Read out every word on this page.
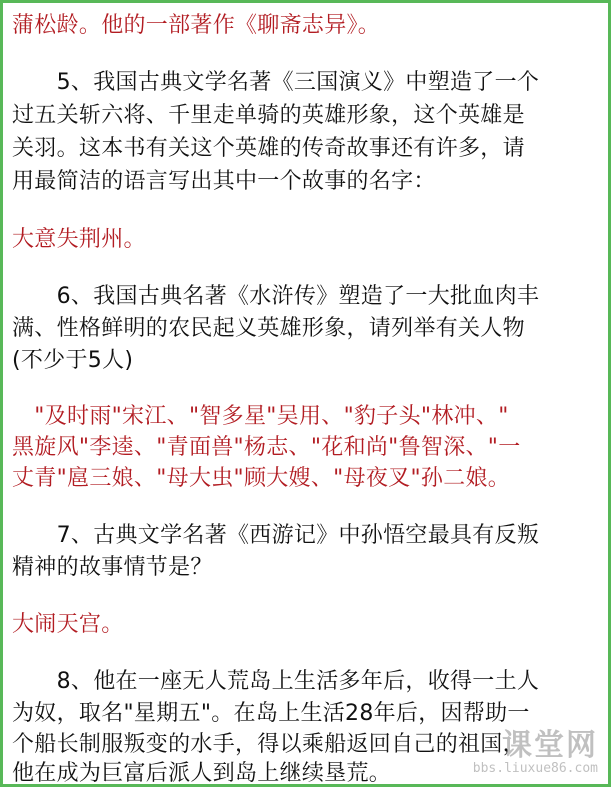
蒲松龄。他的一部著作《聊斋志异》。
　　5、我国古典文学名著《三国演义》中塑造了一个
过五关斩六将、千里走单骑的英雄形象，这个英雄是
关羽。这本书有关这个英雄的传奇故事还有许多，请
用最简洁的语言写出其中一个故事的名字：
大意失荆州。
　　6、我国古典名著《水浒传》塑造了一大批血肉丰
满、性格鲜明的农民起义英雄形象，请列举有关人物
(不少于5人)
　"及时雨"宋江、"智多星"吴用、"豹子头"林冲、"
黑旋风"李逵、"青面兽"杨志、"花和尚"鲁智深、"一
丈青"扈三娘、"母大虫"顾大嫂、"母夜叉"孙二娘。
　　7、古典文学名著《西游记》中孙悟空最具有反叛
精神的故事情节是？
大闹天宫。
　　8、他在一座无人荒岛上生活多年后，收得一土人
为奴，取名"星期五"。在岛上生活28年后，因帮助一
个船长制服叛变的水手，得以乘船返回自己的祖国，
他在成为巨富后派人到岛上继续垦荒。
课堂网
bbs.liuxue86.com
